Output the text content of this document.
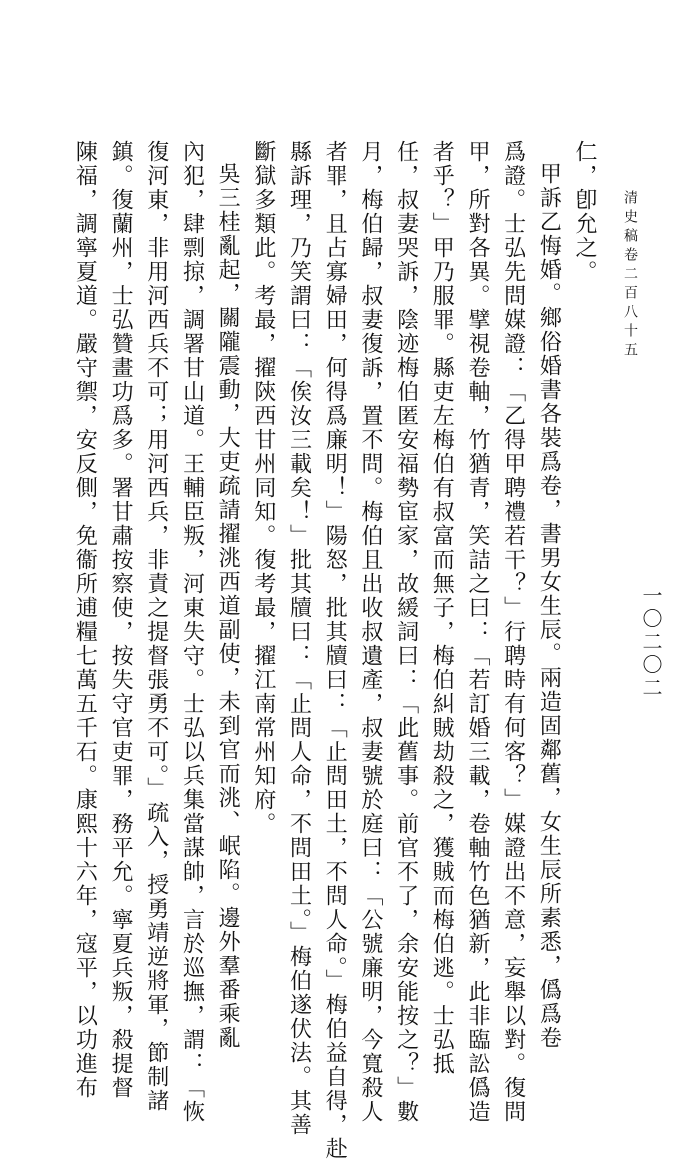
清史稿卷二百八十五
一〇二〇二
仁，卽允之。
甲訴乙悔婚。鄉俗婚書各裝爲卷，書男女生辰。兩造固鄰舊，女生辰所素悉，僞爲卷
爲證。士弘先問媒證：「乙得甲聘禮若干？」行聘時有何客？」媒證出不意，妄舉以對。復問
甲，所對各異。擘視卷軸，竹猶青，笑詰之曰：「若訂婚三載，卷軸竹色猶新，此非臨訟僞造
者乎？」甲乃服罪。縣吏左梅伯有叔富而無子，梅伯糾賊劫殺之，獲賊而梅伯逃。士弘抵
任，叔妻哭訴，陰迹梅伯匿安福勢宦家，故緩詞曰：「此舊事。前官不了，余安能按之？」數
月，梅伯歸，叔妻復訴，置不問。梅伯且出收叔遺產，叔妻號於庭曰：「公號廉明，今寬殺人
者罪，且占寡婦田，何得爲廉明！」陽怒，批其牘曰：「止問田土，不問人命。」梅伯益自得，赴
縣訴理，乃笑謂曰：「俟汝三載矣！」批其牘曰：「止問人命，不問田土。」梅伯遂伏法。其善
斷獄多類此。考最，擢陝西甘州同知。復考最，擢江南常州知府。
吳三桂亂起，關隴震動，大吏疏請擢洮西道副使，未到官而洮、岷陷。邊外羣番乘亂
內犯，肆剽掠，調署甘山道。王輔臣叛，河東失守。士弘以兵集當謀帥，言於巡撫，謂：「恢
復河東，非用河西兵不可；用河西兵，非責之提督張勇不可。」疏入，授勇靖逆將軍，節制諸
鎮。復蘭州，士弘贊畫功爲多。署甘肅按察使，按失守官吏罪，務平允。寧夏兵叛，殺提督
陳福，調寧夏道。嚴守禦，安反側，免衞所逋糧七萬五千石。康熙十六年，寇平，以功進布
